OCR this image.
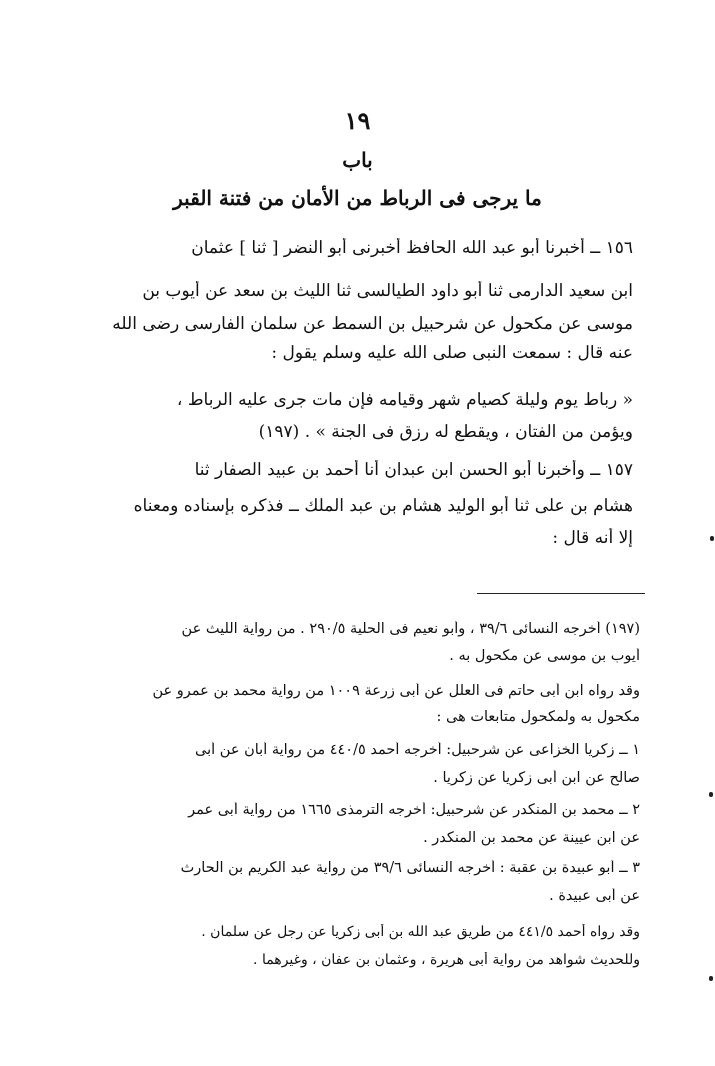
١٩
باب
ما يرجى فى الرباط من الأمان من فتنة القبر
١٥٦ ــ أخبرنا أبو عبد الله الحافظ أخبرنى أبو النضر [ ثنا ] عثمان
ابن سعيد الدارمى ثنا أبو داود الطيالسى ثنا الليث بن سعد عن أيوب بن
موسى عن مكحول عن شرحبيل بن السمط عن سلمان الفارسى رضى الله
عنه قال : سمعت النبى صلى الله عليه وسلم يقول :
« رباط يوم وليلة كصيام شهر وقيامه فإن مات جرى عليه الرباط ،
ويؤمن من الفتان ، ويقطع له رزق فى الجنة » . (١٩٧)
١٥٧ ــ وأخبرنا أبو الحسن ابن عبدان أنا أحمد بن عبيد الصفار ثنا
هشام بن على ثنا أبو الوليد هشام بن عبد الملك ــ فذكره بإسناده ومعناه
إلا أنه قال :
(١٩٧) أخرجه النسائى ٣٩/٦ ، وأبو نعيم فى الحلية ٢٩٠/٥ . من رواية الليث عن
أيوب بن موسى عن مكحول به .
وقد رواه ابن أبى حاتم فى العلل عن أبى زرعة ١٠٠٩ من رواية محمد بن عمرو عن
مكحول به ولمكحول متابعات هى :
١ ــ زكريا الخزاعى عن شرحبيل: أخرجه أحمد ٤٤٠/٥ من رواية أبان عن أبى
صالح عن ابن أبى زكريا عن زكريا .
٢ ــ محمد بن المنكدر عن شرحبيل: أخرجه الترمذى ١٦٦٥ من رواية أبى عمر
عن ابن عيينة عن محمد بن المنكدر .
٣ ــ أبو عبيدة بن عقبة : أخرجه النسائى ٣٩/٦ من رواية عبد الكريم بن الحارث
عن أبى عبيدة .
وقد رواه أحمد ٤٤١/٥ من طريق عبد الله بن أبى زكريا عن رجل عن سلمان .
وللحديث شواهد من رواية أبى هريرة ، وعثمان بن عفان ، وغيرهما .
